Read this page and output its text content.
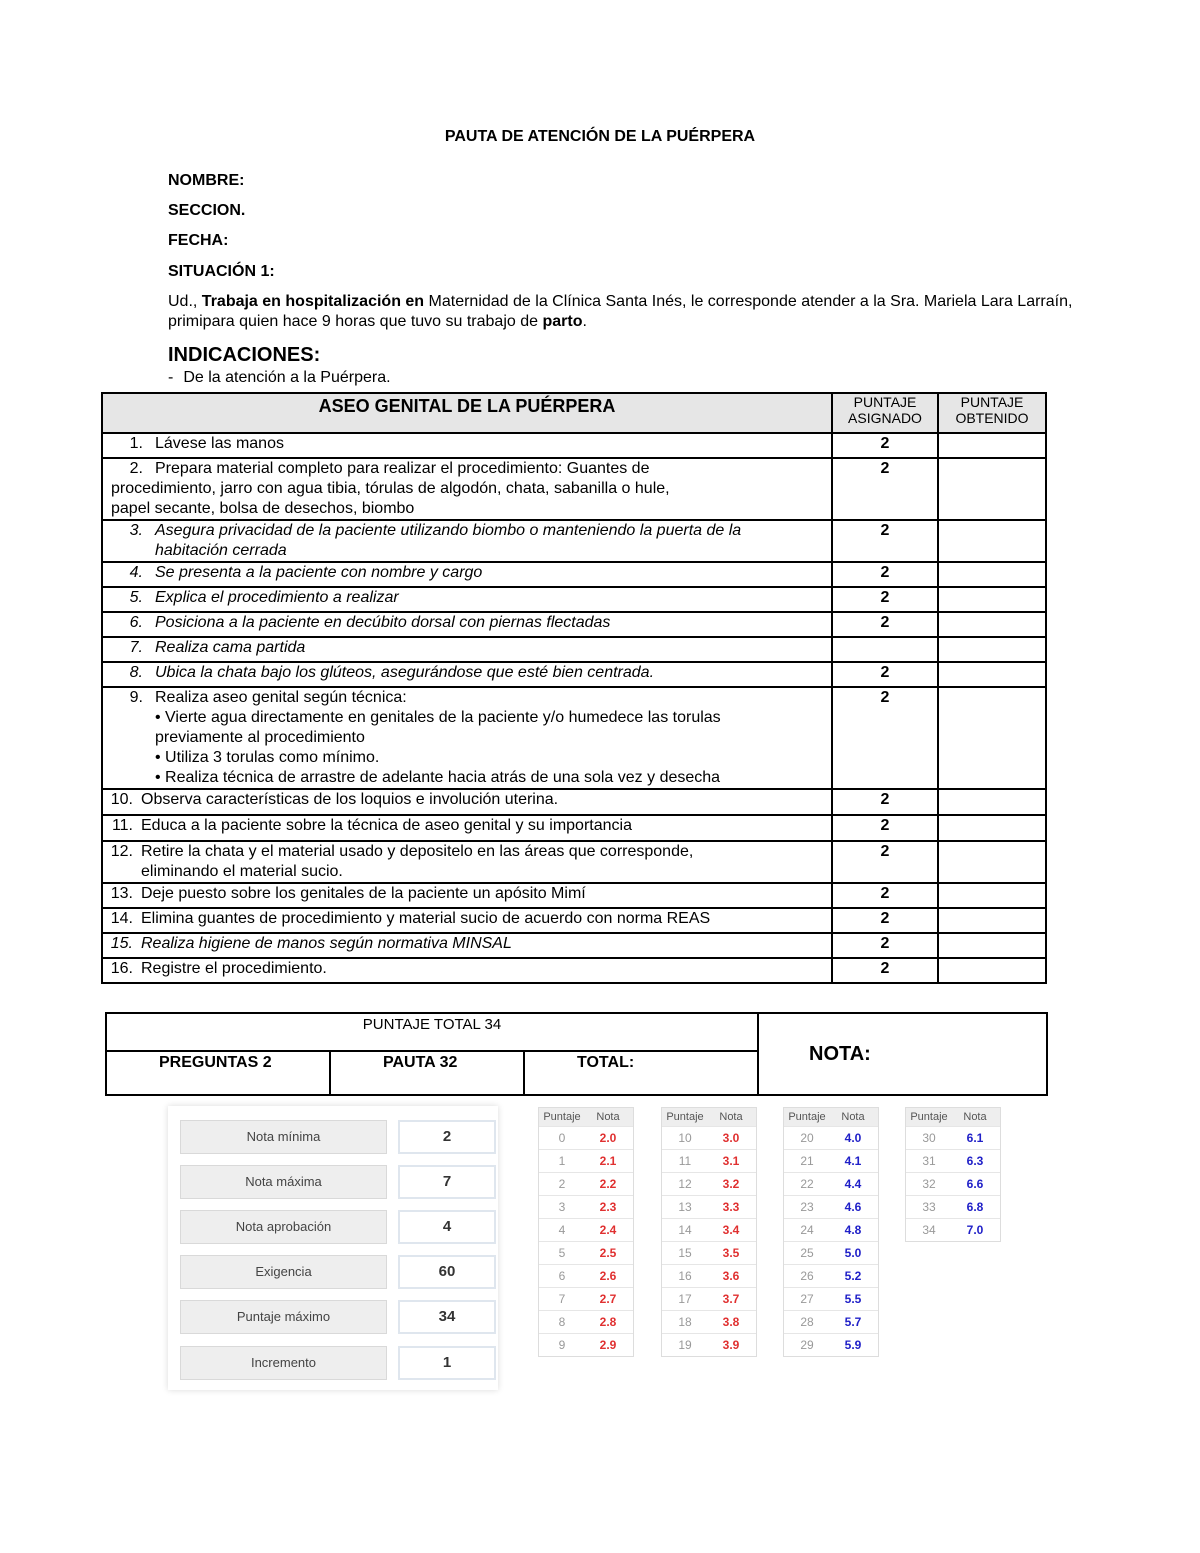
PAUTA DE ATENCIÓN DE LA PUÉRPERA
NOMBRE:
SECCION.
FECHA:
SITUACIÓN 1:
Ud., Trabaja en hospitalización en Maternidad de la Clínica Santa Inés, le corresponde atender a la Sra. Mariela Lara Larraín, primipara quien hace 9 horas que tuvo su trabajo de parto.
INDICACIONES:
- De la atención a la Puérpera.
ASEO GENITAL DE LA PUÉRPERA	PUNTAJE ASIGNADO	PUNTAJE OBTENIDO
1. Lávese las manos	2	
2. Prepara material completo para realizar el procedimiento: Guantes de
procedimiento, jarro con agua tibia, tórulas de algodón, chata, sabanilla o hule,
papel secante, bolsa de desechos, biombo	2	
3. Asegura privacidad de la paciente utilizando biombo o manteniendo la puerta de la
habitación cerrada	2	
4. Se presenta a la paciente con nombre y cargo	2	
5. Explica el procedimiento a realizar	2	
6. Posiciona a la paciente en decúbito dorsal con piernas flectadas	2	
7. Realiza cama partida		
8. Ubica la chata bajo los glúteos, asegurándose que esté bien centrada.	2	
9. Realiza aseo genital según técnica:
• Vierte agua directamente en genitales de la paciente y/o humedece las torulas
previamente al procedimiento
• Utiliza 3 torulas como mínimo.
• Realiza técnica de arrastre de adelante hacia atrás de una sola vez y desecha	2	
10. Observa características de los loquios e involución uterina.	2	
11. Educa a la paciente sobre la técnica de aseo genital y su importancia	2	
12. Retire la chata y el material usado y depositelo en las áreas que corresponde,
eliminando el material sucio.	2	
13. Deje puesto sobre los genitales de la paciente un apósito Mimí	2	
14. Elimina guantes de procedimiento y material sucio de acuerdo con norma REAS	2	
15. Realiza higiene de manos según normativa MINSAL	2	
16. Registre el procedimiento.	2	
PUNTAJE TOTAL 34			NOTA:
PREGUNTAS 2	PAUTA 32	TOTAL:	
Nota mínima	2
Nota máxima	7
Nota aprobación	4
Exigencia	60
Puntaje máximo	34
Incremento	1
Puntaje Nota
0	2.0
1	2.1
2	2.2
3	2.3
4	2.4
5	2.5
6	2.6
7	2.7
8	2.8
9	2.9
Puntaje Nota
10	3.0
11	3.1
12	3.2
13	3.3
14	3.4
15	3.5
16	3.6
17	3.7
18	3.8
19	3.9
Puntaje Nota
20	4.0
21	4.1
22	4.4
23	4.6
24	4.8
25	5.0
26	5.2
27	5.5
28	5.7
29	5.9
Puntaje Nota
30	6.1
31	6.3
32	6.6
33	6.8
34	7.0
